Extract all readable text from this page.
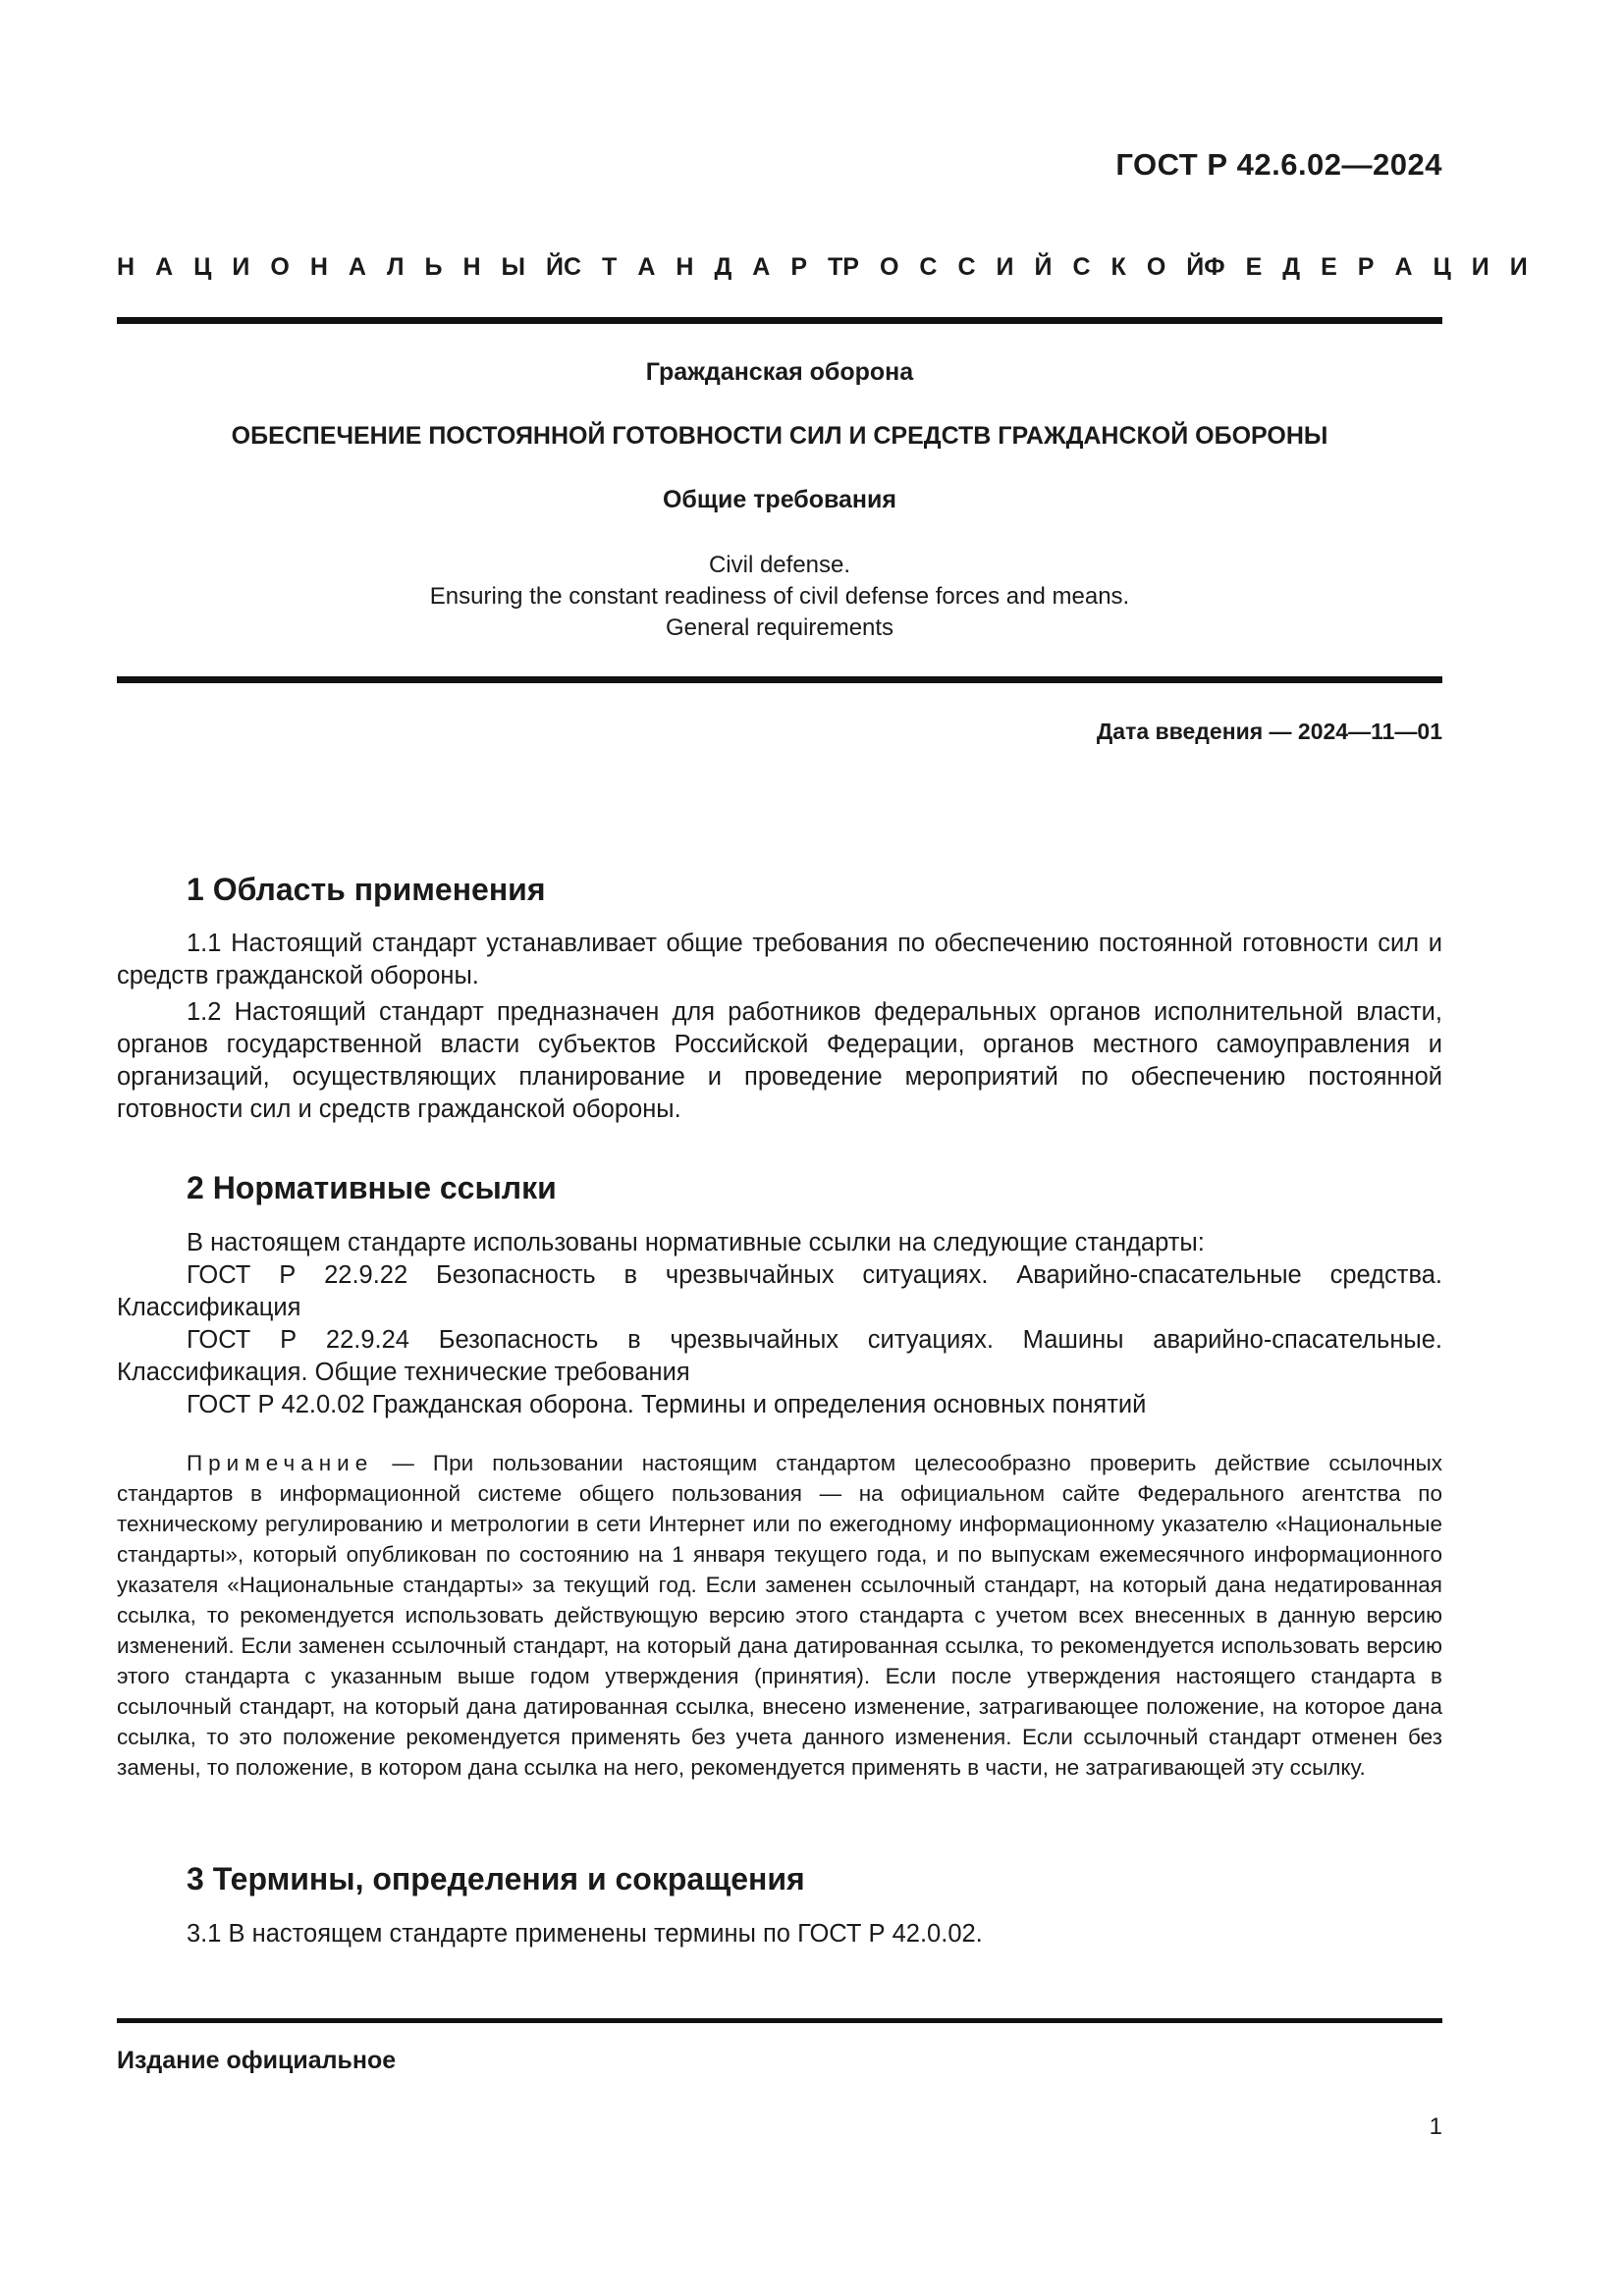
ГОСТ Р 42.6.02—2024
Н А Ц И О Н А Л Ь Н Ы Й С Т А Н Д А Р Т Р О С С И Й С К О Й Ф Е Д Е Р А Ц И И
Гражданская оборона
ОБЕСПЕЧЕНИЕ ПОСТОЯННОЙ ГОТОВНОСТИ СИЛ И СРЕДСТВ ГРАЖДАНСКОЙ ОБОРОНЫ
Общие требования
Civil defense.
Ensuring the constant readiness of civil defense forces and means.
General requirements
Дата введения — 2024—11—01
1 Область применения
1.1 Настоящий стандарт устанавливает общие требования по обеспечению постоянной готовности сил и средств гражданской обороны.
1.2 Настоящий стандарт предназначен для работников федеральных органов исполнительной власти, органов государственной власти субъектов Российской Федерации, органов местного самоуправления и организаций, осуществляющих планирование и проведение мероприятий по обеспечению постоянной готовности сил и средств гражданской обороны.
2 Нормативные ссылки
В настоящем стандарте использованы нормативные ссылки на следующие стандарты:
ГОСТ Р 22.9.22 Безопасность в чрезвычайных ситуациях. Аварийно-спасательные средства. Классификация
ГОСТ Р 22.9.24 Безопасность в чрезвычайных ситуациях. Машины аварийно-спасательные. Классификация. Общие технические требования
ГОСТ Р 42.0.02 Гражданская оборона. Термины и определения основных понятий
Примечание — При пользовании настоящим стандартом целесообразно проверить действие ссылочных стандартов в информационной системе общего пользования — на официальном сайте Федерального агентства по техническому регулированию и метрологии в сети Интернет или по ежегодному информационному указателю «Национальные стандарты», который опубликован по состоянию на 1 января текущего года, и по выпускам ежемесячного информационного указателя «Национальные стандарты» за текущий год. Если заменен ссылочный стандарт, на который дана недатированная ссылка, то рекомендуется использовать действующую версию этого стандарта с учетом всех внесенных в данную версию изменений. Если заменен ссылочный стандарт, на который дана датированная ссылка, то рекомендуется использовать версию этого стандарта с указанным выше годом утверждения (принятия). Если после утверждения настоящего стандарта в ссылочный стандарт, на который дана датированная ссылка, внесено изменение, затрагивающее положение, на которое дана ссылка, то это положение рекомендуется применять без учета данного изменения. Если ссылочный стандарт отменен без замены, то положение, в котором дана ссылка на него, рекомендуется применять в части, не затрагивающей эту ссылку.
3 Термины, определения и сокращения
3.1 В настоящем стандарте применены термины по ГОСТ Р 42.0.02.
Издание официальное
1
